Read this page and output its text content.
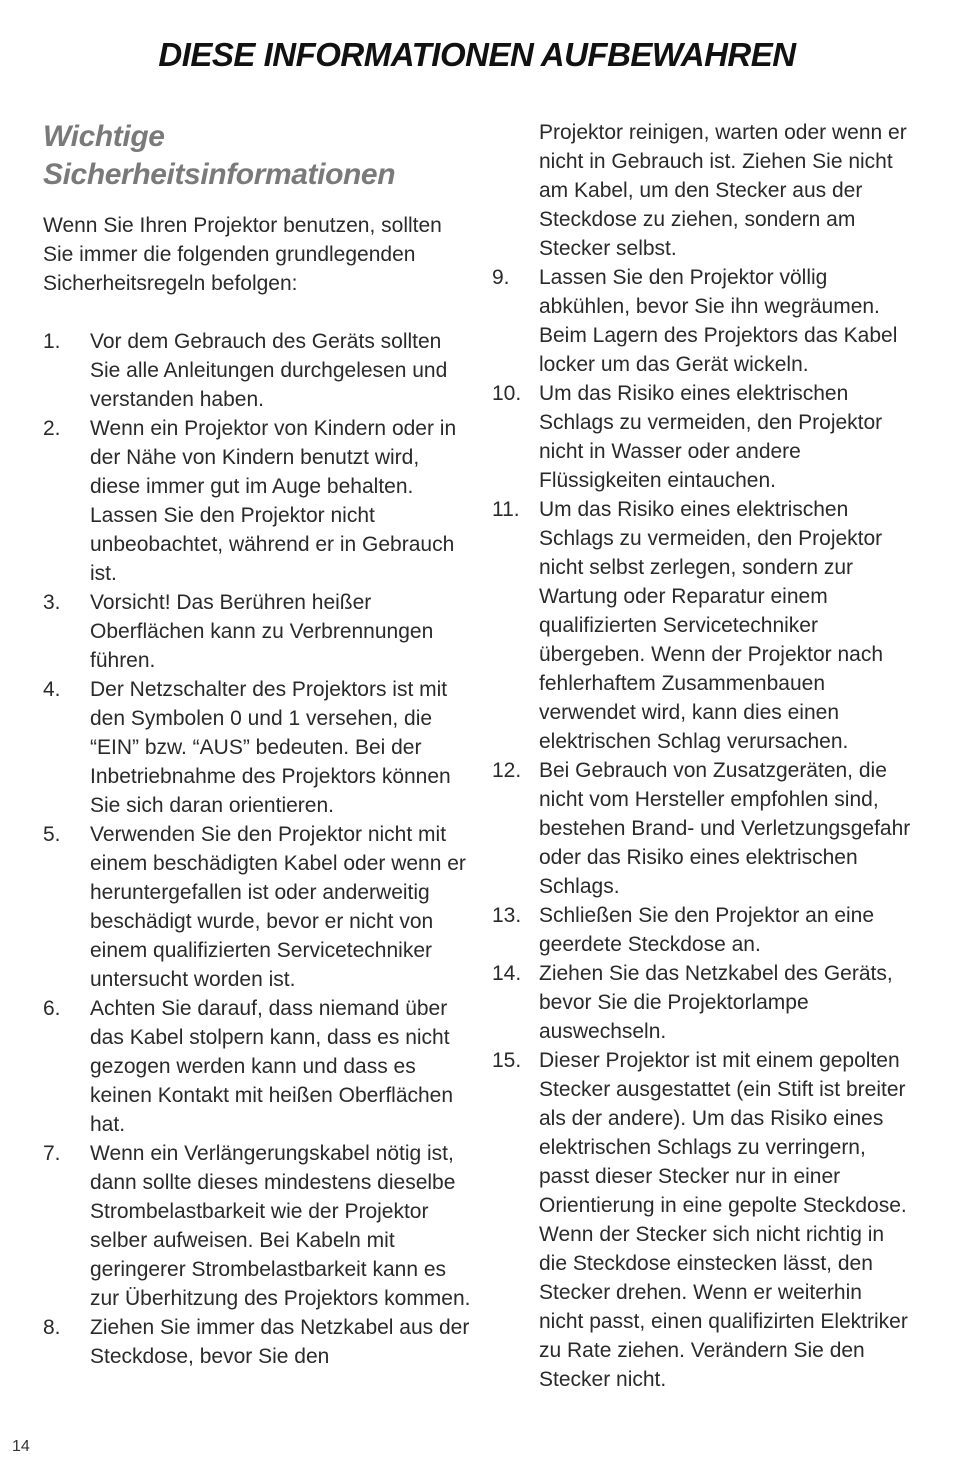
DIESE INFORMATIONEN AUFBEWAHREN
Wichtige
Sicherheitsinformationen

Wenn Sie Ihren Projektor benutzen, sollten Sie immer die folgenden grundlegenden Sicherheitsregeln befolgen:

1.	Vor dem Gebrauch des Geräts sollten Sie alle Anleitungen durchgelesen und verstanden haben.
2.	Wenn ein Projektor von Kindern oder in der Nähe von Kindern benutzt wird, diese immer gut im Auge behalten. Lassen Sie den Projektor nicht unbeobachtet, während er in Gebrauch ist.
3.	Vorsicht! Das Berühren heißer Oberflächen kann zu Verbrennungen führen.
4.	Der Netzschalter des Projektors ist mit den Symbolen 0 und 1 versehen, die “EIN” bzw. “AUS” bedeuten. Bei der Inbetriebnahme des Projektors können Sie sich daran orientieren.
5.	Verwenden Sie den Projektor nicht mit einem beschädigten Kabel oder wenn er heruntergefallen ist oder anderweitig beschädigt wurde, bevor er nicht von einem qualifizierten Servicetechniker untersucht worden ist.
6.	Achten Sie darauf, dass niemand über das Kabel stolpern kann, dass es nicht gezogen werden kann und dass es keinen Kontakt mit heißen Oberflächen hat.
7.	Wenn ein Verlängerungskabel nötig ist, dann sollte dieses mindestens dieselbe Strombelastbarkeit wie der Projektor selber aufweisen. Bei Kabeln mit geringerer Strombelastbarkeit kann es zur Überhitzung des Projektors kommen.
8.	Ziehen Sie immer das Netzkabel aus der Steckdose, bevor Sie den
Projektor reinigen, warten oder wenn er nicht in Gebrauch ist. Ziehen Sie nicht am Kabel, um den Stecker aus der Steckdose zu ziehen, sondern am Stecker selbst.
9.	Lassen Sie den Projektor völlig abkühlen, bevor Sie ihn wegräumen. Beim Lagern des Projektors das Kabel locker um das Gerät wickeln.
10. Um das Risiko eines elektrischen Schlags zu vermeiden, den Projektor nicht in Wasser oder andere Flüssigkeiten eintauchen.
11. Um das Risiko eines elektrischen Schlags zu vermeiden, den Projektor nicht selbst zerlegen, sondern zur Wartung oder Reparatur einem qualifizierten Servicetechniker übergeben. Wenn der Projektor nach fehlerhaftem Zusammenbauen verwendet wird, kann dies einen elektrischen Schlag verursachen.
12. Bei Gebrauch von Zusatzgeräten, die nicht vom Hersteller empfohlen sind, bestehen Brand- und Verletzungsgefahr oder das Risiko eines elektrischen Schlags.
13. Schließen Sie den Projektor an eine geerdete Steckdose an.
14. Ziehen Sie das Netzkabel des Geräts, bevor Sie die Projektorlampe auswechseln.
15. Dieser Projektor ist mit einem gepolten Stecker ausgestattet (ein Stift ist breiter als der andere). Um das Risiko eines elektrischen Schlags zu verringern, passt dieser Stecker nur in einer Orientierung in eine gepolte Steckdose. Wenn der Stecker sich nicht richtig in die Steckdose einstecken lässt, den Stecker drehen. Wenn er weiterhin nicht passt, einen qualifizirten Elektriker zu Rate ziehen. Verändern Sie den Stecker nicht.
14
